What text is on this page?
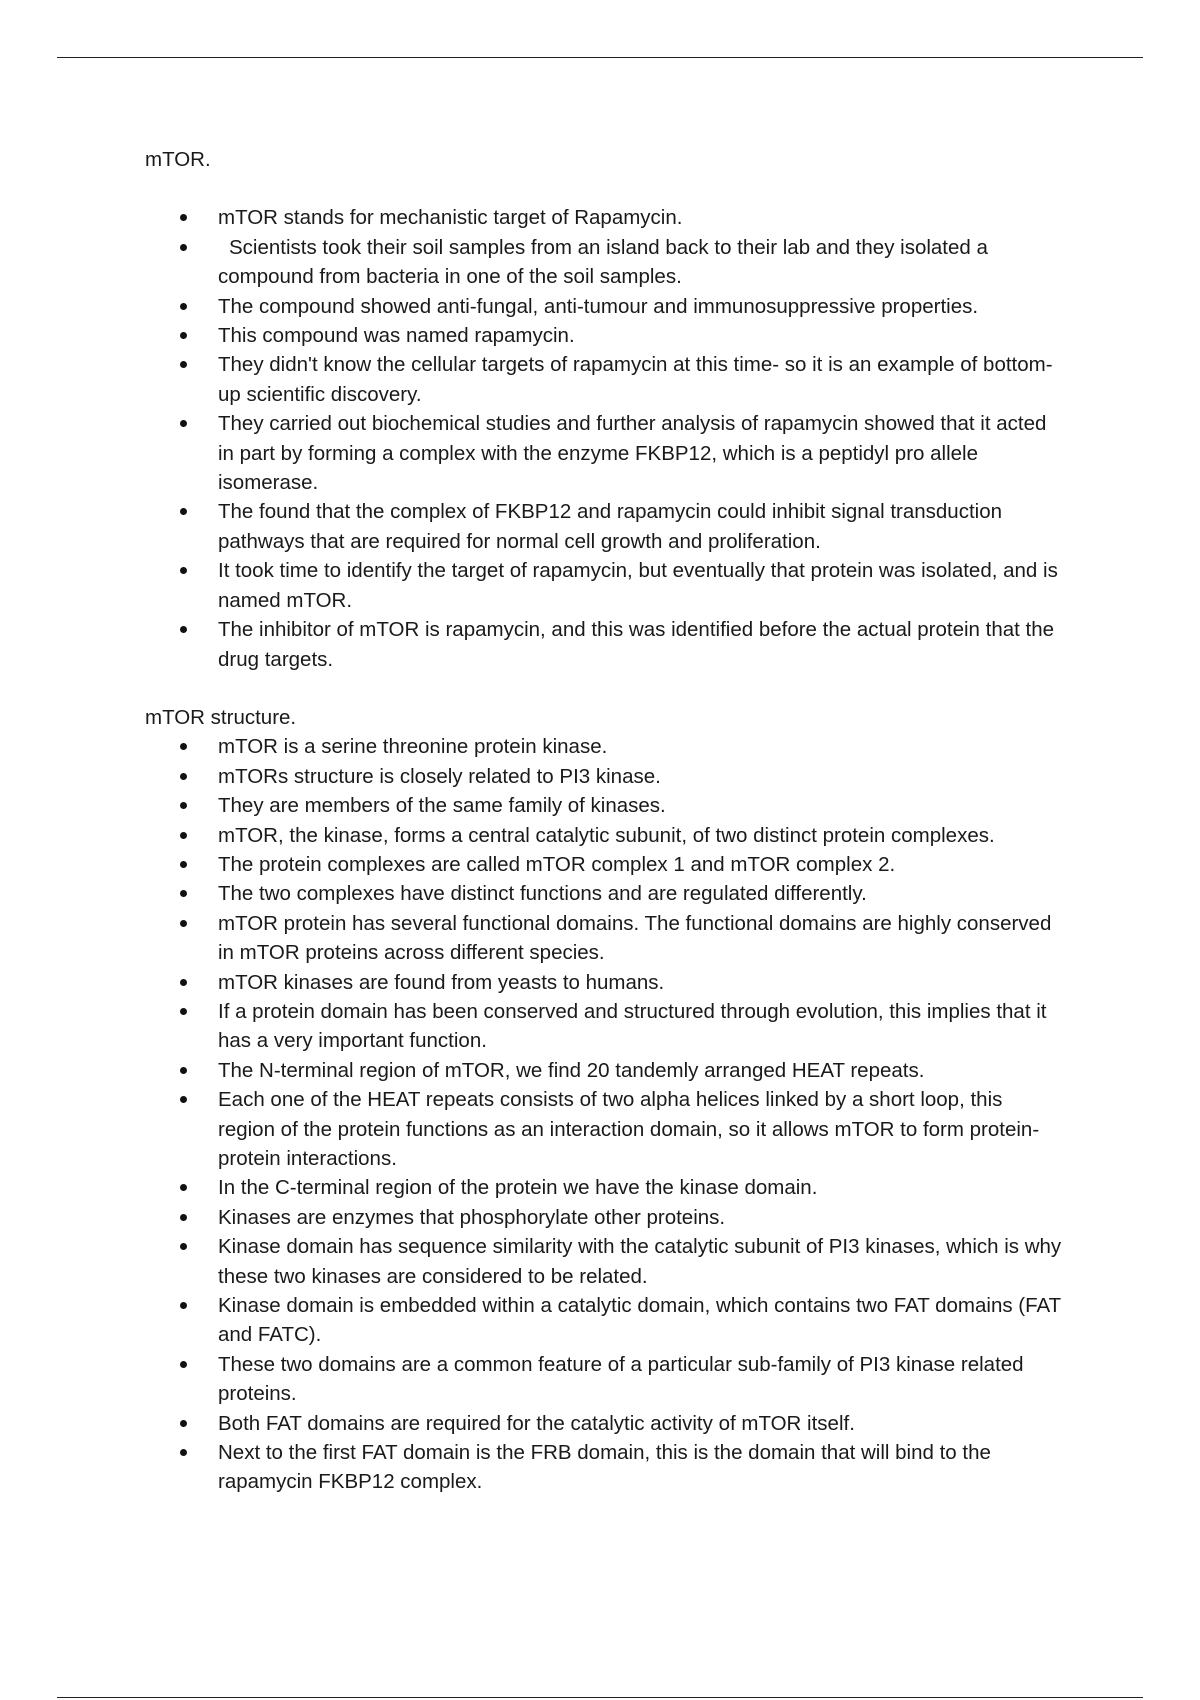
mTOR.

mTOR stands for mechanistic target of Rapamycin.
Scientists took their soil samples from an island back to their lab and they isolated a compound from bacteria in one of the soil samples.
The compound showed anti-fungal, anti-tumour and immunosuppressive properties.
This compound was named rapamycin.
They didn't know the cellular targets of rapamycin at this time- so it is an example of bottom-up scientific discovery.
They carried out biochemical studies and further analysis of rapamycin showed that it acted in part by forming a complex with the enzyme FKBP12, which is a peptidyl pro allele isomerase.
The found that the complex of FKBP12 and rapamycin could inhibit signal transduction pathways that are required for normal cell growth and proliferation.
It took time to identify the target of rapamycin, but eventually that protein was isolated, and is named mTOR.
The inhibitor of mTOR is rapamycin, and this was identified before the actual protein that the drug targets.

mTOR structure.

mTOR is a serine threonine protein kinase.
mTORs structure is closely related to PI3 kinase.
They are members of the same family of kinases.
mTOR, the kinase, forms a central catalytic subunit, of two distinct protein complexes.
The protein complexes are called mTOR complex 1 and mTOR complex 2.
The two complexes have distinct functions and are regulated differently.
mTOR protein has several functional domains. The functional domains are highly conserved in mTOR proteins across different species.
mTOR kinases are found from yeasts to humans.
If a protein domain has been conserved and structured through evolution, this implies that it has a very important function.
The N-terminal region of mTOR, we find 20 tandemly arranged HEAT repeats.
Each one of the HEAT repeats consists of two alpha helices linked by a short loop, this region of the protein functions as an interaction domain, so it allows mTOR to form protein-protein interactions.
In the C-terminal region of the protein we have the kinase domain.
Kinases are enzymes that phosphorylate other proteins.
Kinase domain has sequence similarity with the catalytic subunit of PI3 kinases, which is why these two kinases are considered to be related.
Kinase domain is embedded within a catalytic domain, which contains two FAT domains (FAT and FATC).
These two domains are a common feature of a particular sub-family of PI3 kinase related proteins.
Both FAT domains are required for the catalytic activity of mTOR itself.
Next to the first FAT domain is the FRB domain, this is the domain that will bind to the rapamycin FKBP12 complex.
